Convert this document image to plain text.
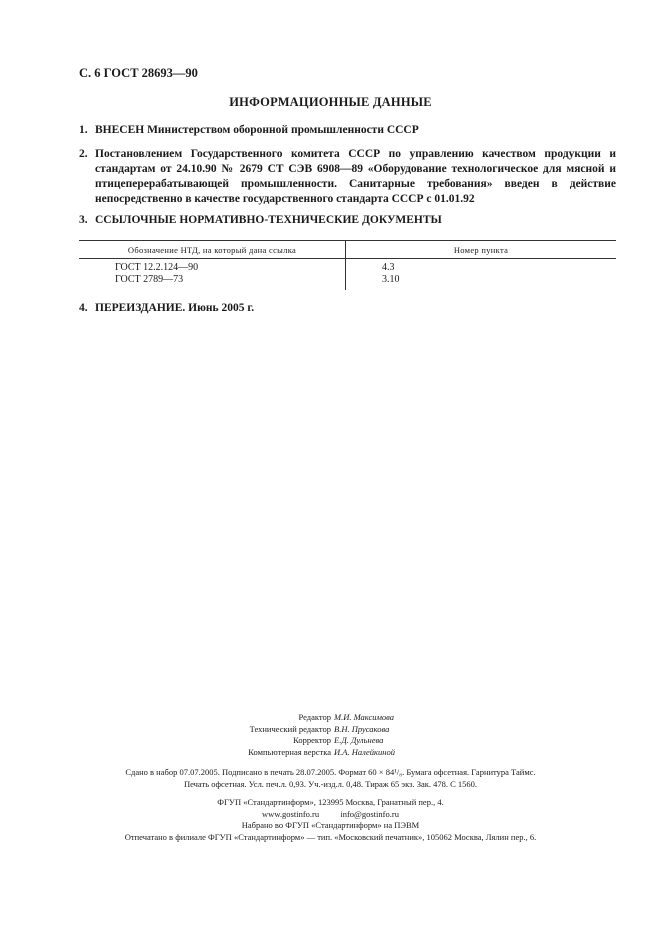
С. 6 ГОСТ 28693—90
ИНФОРМАЦИОННЫЕ ДАННЫЕ
1. ВНЕСЕН Министерством оборонной промышленности СССР
2. Постановлением Государственного комитета СССР по управлению качеством продукции и стандартам от 24.10.90 № 2679 СТ СЭВ 6908—89 «Оборудование технологическое для мясной и птицеперерабатывающей промышленности. Санитарные требования» введен в действие непосредственно в качестве государственного стандарта СССР с 01.01.92
3. ССЫЛОЧНЫЕ НОРМАТИВНО-ТЕХНИЧЕСКИЕ ДОКУМЕНТЫ
Обозначение НТД, на который дана ссылка	Номер пункта
ГОСТ 12.2.124—90	4.3
ГОСТ 2789—73	3.10
4. ПЕРЕИЗДАНИЕ. Июнь 2005 г.
Редактор М.И. Максимова
Технический редактор В.Н. Прусакова
Корректор Е.Д. Дульнева
Компьютерная верстка И.А. Налейкиной
Сдано в набор 07.07.2005. Подписано в печать 28.07.2005. Формат 60 × 84¹/₈. Бумага офсетная. Гарнитура Таймс.
Печать офсетная. Усл. печ.л. 0,93. Уч.-изд.л. 0,48. Тираж 65 экз. Зак. 478. С 1560.
ФГУП «Стандартинформ», 123995 Москва, Гранатный пер., 4.
www.gostinfo.ru          info@gostinfo.ru
Набрано во ФГУП «Стандартинформ» на ПЭВМ
Отпечатано в филиале ФГУП «Стандартинформ» — тип. «Московский печатник», 105062 Москва, Лялин пер., 6.
